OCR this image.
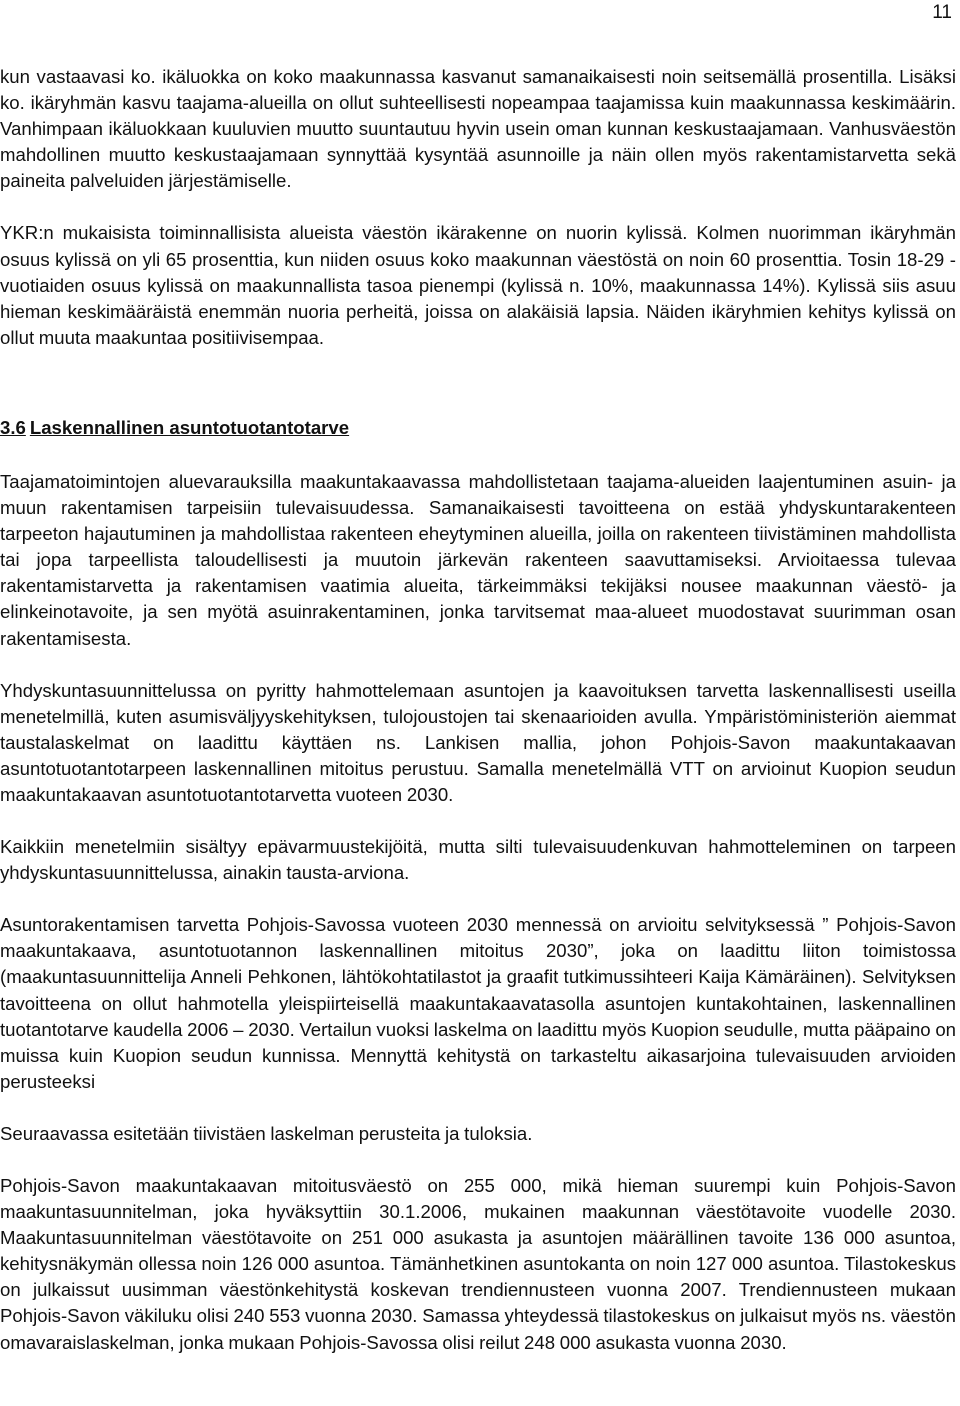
11

kun vastaavasi ko. ikäluokka on koko maakunnassa kasvanut samanaikaisesti noin seitsemällä prosentilla. Lisäksi ko. ikäryhmän kasvu taajama-alueilla on ollut suhteellisesti nopeampaa taajamissa kuin maakunnassa keskimäärin. Vanhimpaan ikäluokkaan kuuluvien muutto suuntautuu hyvin usein oman kunnan keskustaajamaan. Vanhusväestön mahdollinen muutto keskustaajamaan synnyttää kysyntää asunnoille ja näin ollen myös rakentamistarvetta sekä paineita palveluiden järjestämiselle.

YKR:n mukaisista toiminnallisista alueista väestön ikärakenne on nuorin kylissä. Kolmen nuorimman ikäryhmän osuus kylissä on yli 65 prosenttia, kun niiden osuus koko maakunnan väestöstä on noin 60 prosenttia. Tosin 18-29 -vuotiaiden osuus kylissä on maakunnallista tasoa pienempi (kylissä n. 10%, maakunnassa 14%). Kylissä siis asuu hieman keskimääräistä enemmän nuoria perheitä, joissa on alakäisiä lapsia. Näiden ikäryhmien kehitys kylissä on ollut muuta maakuntaa positiivisempaa.

3.6 Laskennallinen asuntotuotantotarve

Taajamatoimintojen aluevarauksilla maakuntakaavassa mahdollistetaan taajama-alueiden laajentuminen asuin- ja muun rakentamisen tarpeisiin tulevaisuudessa. Samanaikaisesti tavoitteena on estää yhdyskuntarakenteen tarpeeton hajautuminen ja mahdollistaa rakenteen eheytyminen alueilla, joilla on rakenteen tiivistäminen mahdollista tai jopa tarpeellista taloudellisesti ja muutoin järkevän rakenteen saavuttamiseksi. Arvioitaessa tulevaa rakentamistarvetta ja rakentamisen vaatimia alueita, tärkeimmäksi tekijäksi nousee maakunnan väestö- ja elinkeinotavoite, ja sen myötä asuinrakentaminen, jonka tarvitsemat maa-alueet muodostavat suurimman osan rakentamisesta.

Yhdyskuntasuunnittelussa on pyritty hahmottelemaan asuntojen ja kaavoituksen tarvetta laskennallisesti useilla menetelmillä, kuten asumisväljyyskehityksen, tulojoustojen tai skenaarioiden avulla. Ympäristöministeriön aiemmat taustalaskelmat on laadittu käyttäen ns. Lankisen mallia, johon Pohjois-Savon maakuntakaavan asuntotuotantotarpeen laskennallinen mitoitus perustuu. Samalla menetelmällä VTT on arvioinut Kuopion seudun maakuntakaavan asuntotuotantotarvetta vuoteen 2030.

Kaikkiin menetelmiin sisältyy epävarmuustekijöitä, mutta silti tulevaisuudenkuvan hahmotteleminen on tarpeen yhdyskuntasuunnittelussa, ainakin tausta-arviona.

Asuntorakentamisen tarvetta Pohjois-Savossa vuoteen 2030 mennessä on arvioitu selvityksessä ” Pohjois-Savon maakuntakaava, asuntotuotannon laskennallinen mitoitus 2030”, joka on laadittu liiton toimistossa (maakuntasuunnittelija Anneli Pehkonen, lähtökohtatilastot ja graafit tutkimussihteeri Kaija Kämäräinen). Selvityksen tavoitteena on ollut hahmotella yleispiirteisellä maakuntakaavatasolla asuntojen kuntakohtainen, laskennallinen tuotantotarve kaudella 2006 – 2030. Vertailun vuoksi laskelma on laadittu myös Kuopion seudulle, mutta pääpaino on muissa kuin Kuopion seudun kunnissa. Mennyttä kehitystä on tarkasteltu aikasarjoina tulevaisuuden arvioiden perusteeksi

Seuraavassa esitetään tiivistäen laskelman perusteita ja tuloksia.

Pohjois-Savon maakuntakaavan mitoitusväestö on 255 000, mikä hieman suurempi kuin Pohjois-Savon maakuntasuunnitelman, joka hyväksyttiin 30.1.2006, mukainen maakunnan väestötavoite vuodelle 2030. Maakuntasuunnitelman väestötavoite on 251 000 asukasta ja asuntojen määrällinen tavoite 136 000 asuntoa, kehitysnäkymän ollessa noin 126 000 asuntoa. Tämänhetkinen asuntokanta on noin 127 000 asuntoa. Tilastokeskus on julkaissut uusimman väestönkehitystä koskevan trendiennusteen vuonna 2007. Trendiennusteen mukaan Pohjois-Savon väkiluku olisi 240 553 vuonna 2030. Samassa yhteydessä tilastokeskus on julkaisut myös ns. väestön omavaraislaskelman, jonka mukaan Pohjois-Savossa olisi reilut 248 000 asukasta vuonna 2030.
